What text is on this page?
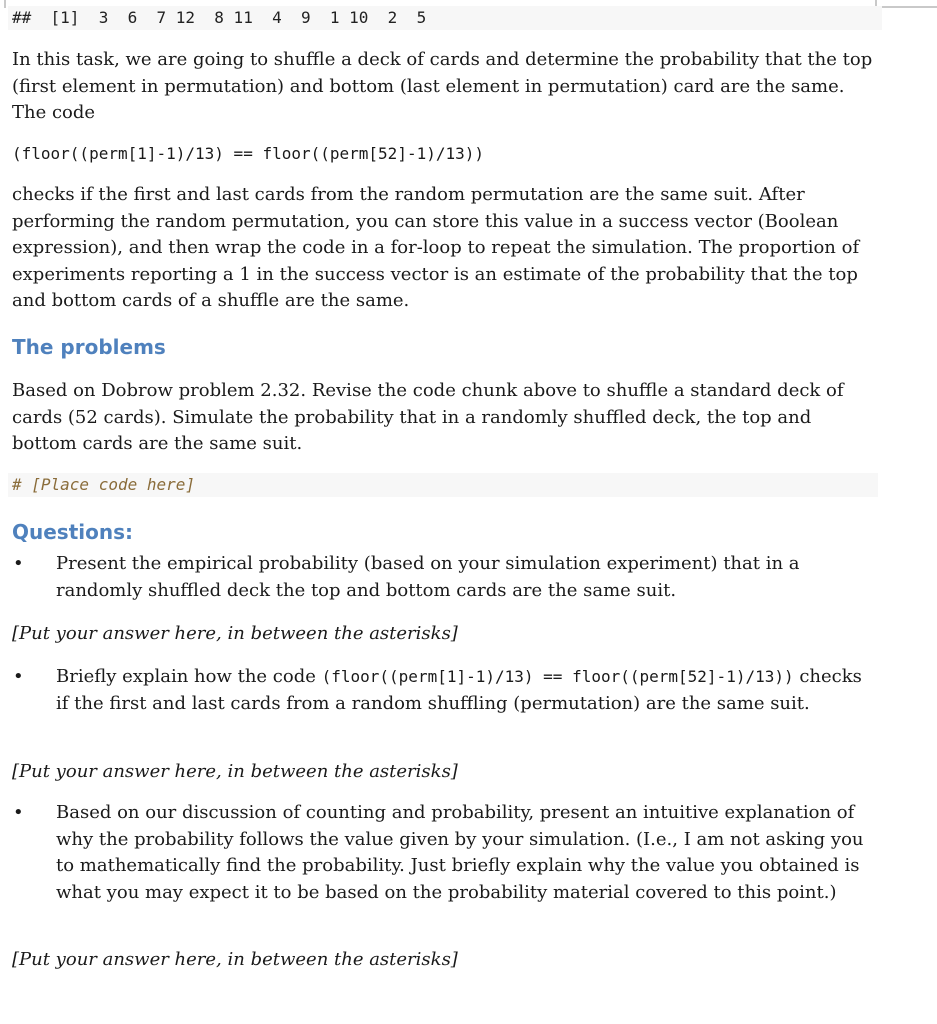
##  [1]  3  6  7 12  8 11  4  9  1 10  2  5

In this task, we are going to shuffle a deck of cards and determine the probability that the top (first element in permutation) and bottom (last element in permutation) card are the same. The code

(floor((perm[1]-1)/13) == floor((perm[52]-1)/13))

checks if the first and last cards from the random permutation are the same suit. After performing the random permutation, you can store this value in a success vector (Boolean expression), and then wrap the code in a for-loop to repeat the simulation. The proportion of experiments reporting a 1 in the success vector is an estimate of the probability that the top and bottom cards of a shuffle are the same.

The problems

Based on Dobrow problem 2.32. Revise the code chunk above to shuffle a standard deck of cards (52 cards). Simulate the probability that in a randomly shuffled deck, the top and bottom cards are the same suit.

# [Place code here]
Questions:
• Present the empirical probability (based on your simulation experiment) that in a randomly shuffled deck the top and bottom cards are the same suit.

[Put your answer here, in between the asterisks]
• Briefly explain how the code (floor((perm[1]-1)/13) == floor((perm[52]-1)/13)) checks if the first and last cards from a random shuffling (permutation) are the same suit.

[Put your answer here, in between the asterisks]
• Based on our discussion of counting and probability, present an intuitive explanation of why the probability follows the value given by your simulation. (I.e., I am not asking you to mathematically find the probability. Just briefly explain why the value you obtained is what you may expect it to be based on the probability material covered to this point.)

[Put your answer here, in between the asterisks]
